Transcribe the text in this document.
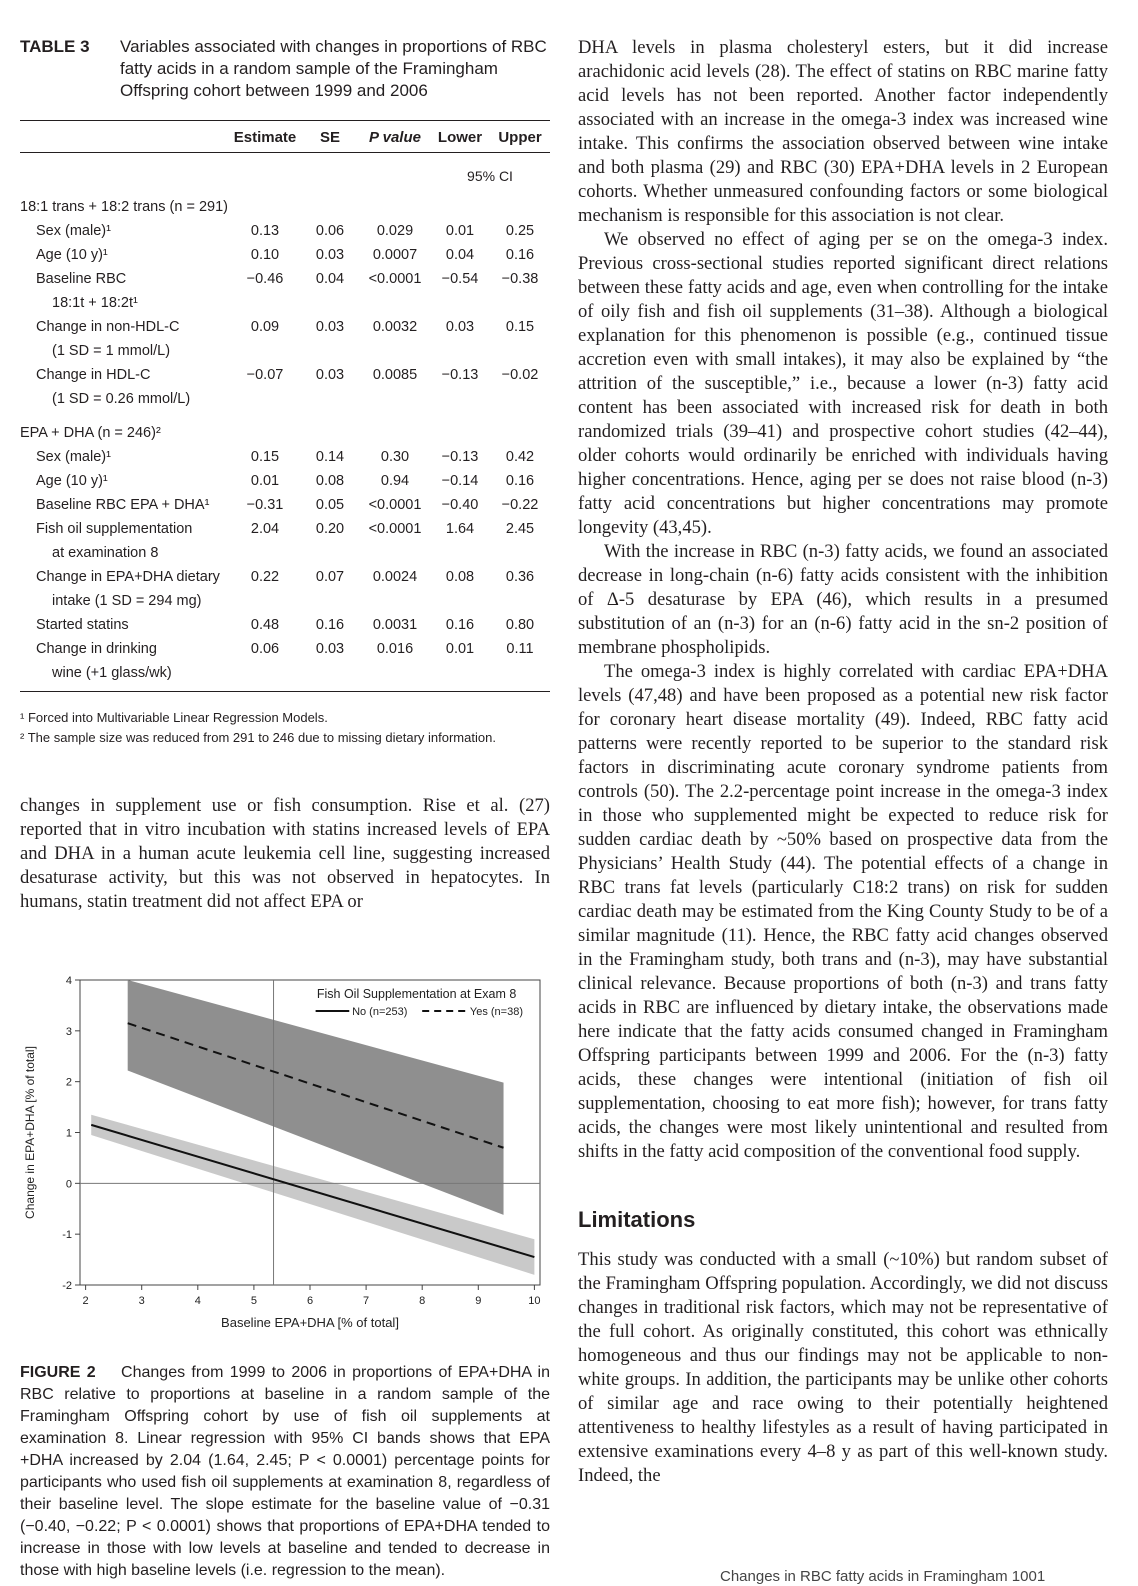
TABLE 3	Variables associated with changes in proportions of RBC fatty acids in a random sample of the Framingham Offspring cohort between 1999 and 2006
	Estimate	SE	P value	Lower	Upper
				95% CI	
18:1 trans + 18:2 trans (n = 291)					
Sex (male)¹	0.13	0.06	0.029	0.01	0.25
Age (10 y)¹	0.10	0.03	0.0007	0.04	0.16
Baseline RBC	−0.46	0.04	<0.0001	−0.54	−0.38
18:1t + 18:2t¹					
Change in non-HDL-C	0.09	0.03	0.0032	0.03	0.15
(1 SD = 1 mmol/L)					
Change in HDL-C	−0.07	0.03	0.0085	−0.13	−0.02
(1 SD = 0.26 mmol/L)					
EPA + DHA (n = 246)²					
Sex (male)¹	0.15	0.14	0.30	−0.13	0.42
Age (10 y)¹	0.01	0.08	0.94	−0.14	0.16
Baseline RBC EPA + DHA¹	−0.31	0.05	<0.0001	−0.40	−0.22
Fish oil supplementation	2.04	0.20	<0.0001	1.64	2.45
at examination 8					
Change in EPA+DHA dietary	0.22	0.07	0.0024	0.08	0.36
intake (1 SD = 294 mg)					
Started statins	0.48	0.16	0.0031	0.16	0.80
Change in drinking	0.06	0.03	0.016	0.01	0.11
wine (+1 glass/wk)					
¹ Forced into Multivariable Linear Regression Models.
² The sample size was reduced from 291 to 246 due to missing dietary information.

changes in supplement use or fish consumption. Rise et al. (27) reported that in vitro incubation with statins increased levels of EPA and DHA in a human acute leukemia cell line, suggesting increased desaturase activity, but this was not observed in hepatocytes. In humans, statin treatment did not affect EPA or

2	3	4	5	6	7	8	9	10
4
3
2
1
0
-1
-2
Baseline EPA+DHA [% of total]
Change in EPA+DHA [% of total]
Fish Oil Supplementation at Exam 8
No (n=253)	Yes (n=38)

FIGURE 2 Changes from 1999 to 2006 in proportions of EPA+DHA in RBC relative to proportions at baseline in a random sample of the Framingham Offspring cohort by use of fish oil supplements at examination 8. Linear regression with 95% CI bands shows that EPA +DHA increased by 2.04 (1.64, 2.45; P < 0.0001) percentage points for participants who used fish oil supplements at examination 8, regardless of their baseline level. The slope estimate for the baseline value of −0.31 (−0.40, −0.22; P < 0.0001) shows that proportions of EPA+DHA tended to increase in those with low levels at baseline and tended to decrease in those with high baseline levels (i.e. regression to the mean).

DHA levels in plasma cholesteryl esters, but it did increase arachidonic acid levels (28). The effect of statins on RBC marine fatty acid levels has not been reported. Another factor independently associated with an increase in the omega-3 index was increased wine intake. This confirms the association observed between wine intake and both plasma (29) and RBC (30) EPA+DHA levels in 2 European cohorts. Whether unmeasured confounding factors or some biological mechanism is responsible for this association is not clear.

We observed no effect of aging per se on the omega-3 index. Previous cross-sectional studies reported significant direct relations between these fatty acids and age, even when controlling for the intake of oily fish and fish oil supplements (31–38). Although a biological explanation for this phenomenon is possible (e.g., continued tissue accretion even with small intakes), it may also be explained by “the attrition of the susceptible,” i.e., because a lower (n-3) fatty acid content has been associated with increased risk for death in both randomized trials (39–41) and prospective cohort studies (42–44), older cohorts would ordinarily be enriched with individuals having higher concentrations. Hence, aging per se does not raise blood (n-3) fatty acid concentrations but higher concentrations may promote longevity (43,45).

With the increase in RBC (n-3) fatty acids, we found an associated decrease in long-chain (n-6) fatty acids consistent with the inhibition of Δ-5 desaturase by EPA (46), which results in a presumed substitution of an (n-3) for an (n-6) fatty acid in the sn-2 position of membrane phospholipids.

The omega-3 index is highly correlated with cardiac EPA+DHA levels (47,48) and have been proposed as a potential new risk factor for coronary heart disease mortality (49). Indeed, RBC fatty acid patterns were recently reported to be superior to the standard risk factors in discriminating acute coronary syndrome patients from controls (50). The 2.2-percentage point increase in the omega-3 index in those who supplemented might be expected to reduce risk for sudden cardiac death by ~50% based on prospective data from the Physicians’ Health Study (44). The potential effects of a change in RBC trans fat levels (particularly C18:2 trans) on risk for sudden cardiac death may be estimated from the King County Study to be of a similar magnitude (11). Hence, the RBC fatty acid changes observed in the Framingham study, both trans and (n-3), may have substantial clinical relevance. Because proportions of both (n-3) and trans fatty acids in RBC are influenced by dietary intake, the observations made here indicate that the fatty acids consumed changed in Framingham Offspring participants between 1999 and 2006. For the (n-3) fatty acids, these changes were intentional (initiation of fish oil supplementation, choosing to eat more fish); however, for trans fatty acids, the changes were most likely unintentional and resulted from shifts in the fatty acid composition of the conventional food supply.

Limitations

This study was conducted with a small (~10%) but random subset of the Framingham Offspring population. Accordingly, we did not discuss changes in traditional risk factors, which may not be representative of the full cohort. As originally constituted, this cohort was ethnically homogeneous and thus our findings may not be applicable to non-white groups. In addition, the participants may be unlike other cohorts of similar age and race owing to their potentially heightened attentiveness to healthy lifestyles as a result of having participated in extensive examinations every 4–8 y as part of this well-known study. Indeed, the

Changes in RBC fatty acids in Framingham 1001
